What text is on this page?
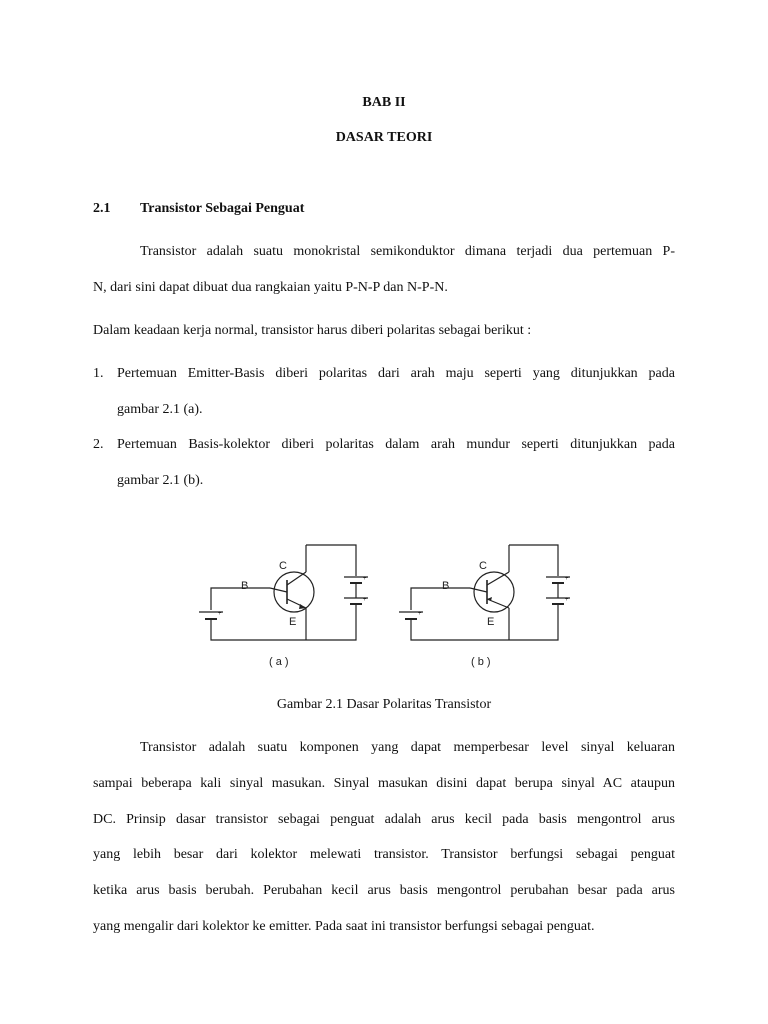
BAB II
DASAR TEORI
2.1 Transistor Sebagai Penguat
Transistor adalah suatu monokristal semikonduktor dimana terjadi dua pertemuan P-
N, dari sini dapat dibuat dua rangkaian yaitu P-N-P dan N-P-N.
Dalam keadaan kerja normal, transistor harus diberi polaritas sebagai berikut :
1. Pertemuan Emitter-Basis diberi polaritas dari arah maju seperti yang ditunjukkan pada
gambar 2.1 (a).
2. Pertemuan Basis-kolektor diberi polaritas dalam arah mundur seperti ditunjukkan pada
gambar 2.1 (b).
+
+
+
+
+
+
C
B
E
C
B
E
( a )	( b )
Gambar 2.1 Dasar Polaritas Transistor
Transistor adalah suatu komponen yang dapat memperbesar level sinyal keluaran
sampai beberapa kali sinyal masukan. Sinyal masukan disini dapat berupa sinyal AC ataupun
DC. Prinsip dasar transistor sebagai penguat adalah arus kecil pada basis mengontrol arus
yang lebih besar dari kolektor melewati transistor. Transistor berfungsi sebagai penguat
ketika arus basis berubah. Perubahan kecil arus basis mengontrol perubahan besar pada arus
yang mengalir dari kolektor ke emitter. Pada saat ini transistor berfungsi sebagai penguat.
